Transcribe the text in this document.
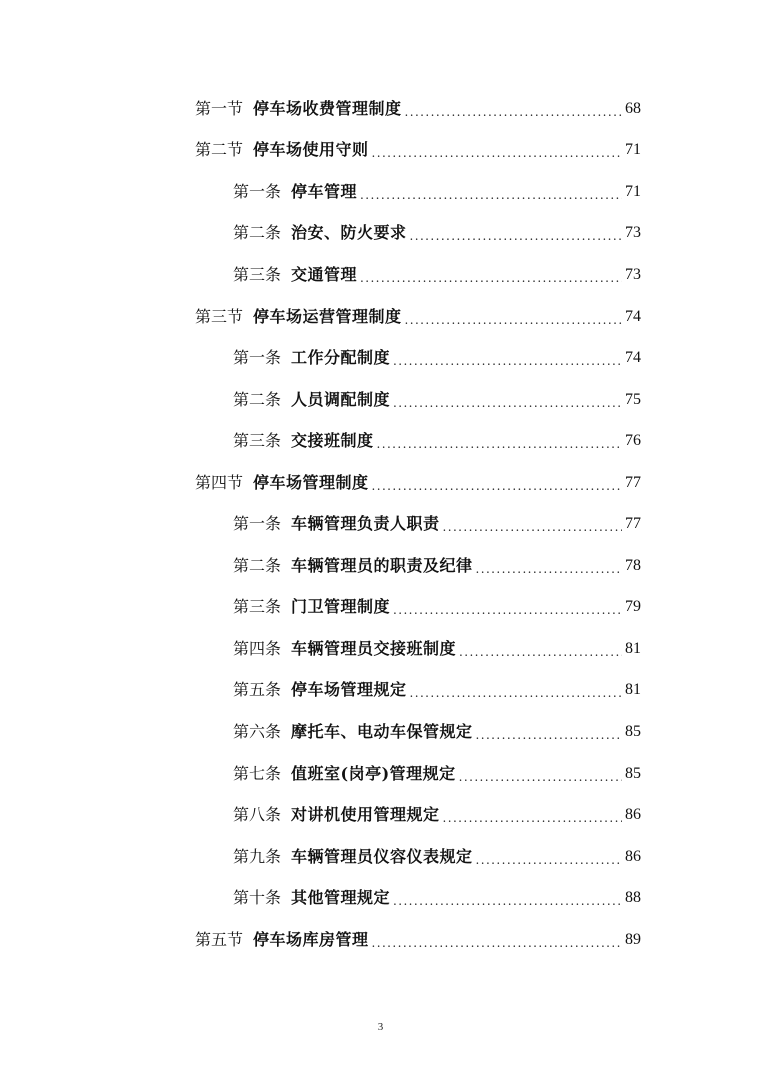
第一节 停车场收费管理制度 .....	68
第二节 停车场使用守则 .....	71
第一条 停车管理 .....	71
第二条 治安、防火要求 .....	73
第三条 交通管理 .....	73
第三节 停车场运营管理制度 .....	74
第一条 工作分配制度 .....	74
第二条 人员调配制度 .....	75
第三条 交接班制度 .....	76
第四节 停车场管理制度 .....	77
第一条 车辆管理负责人职责 .....	77
第二条 车辆管理员的职责及纪律 .....	78
第三条 门卫管理制度 .....	79
第四条 车辆管理员交接班制度 .....	81
第五条 停车场管理规定 .....	81
第六条 摩托车、电动车保管规定 .....	85
第七条 值班室(岗亭)管理规定 .....	85
第八条 对讲机使用管理规定 .....	86
第九条 车辆管理员仪容仪表规定 .....	86
第十条 其他管理规定 .....	88
第五节 停车场库房管理 .....	89
3
